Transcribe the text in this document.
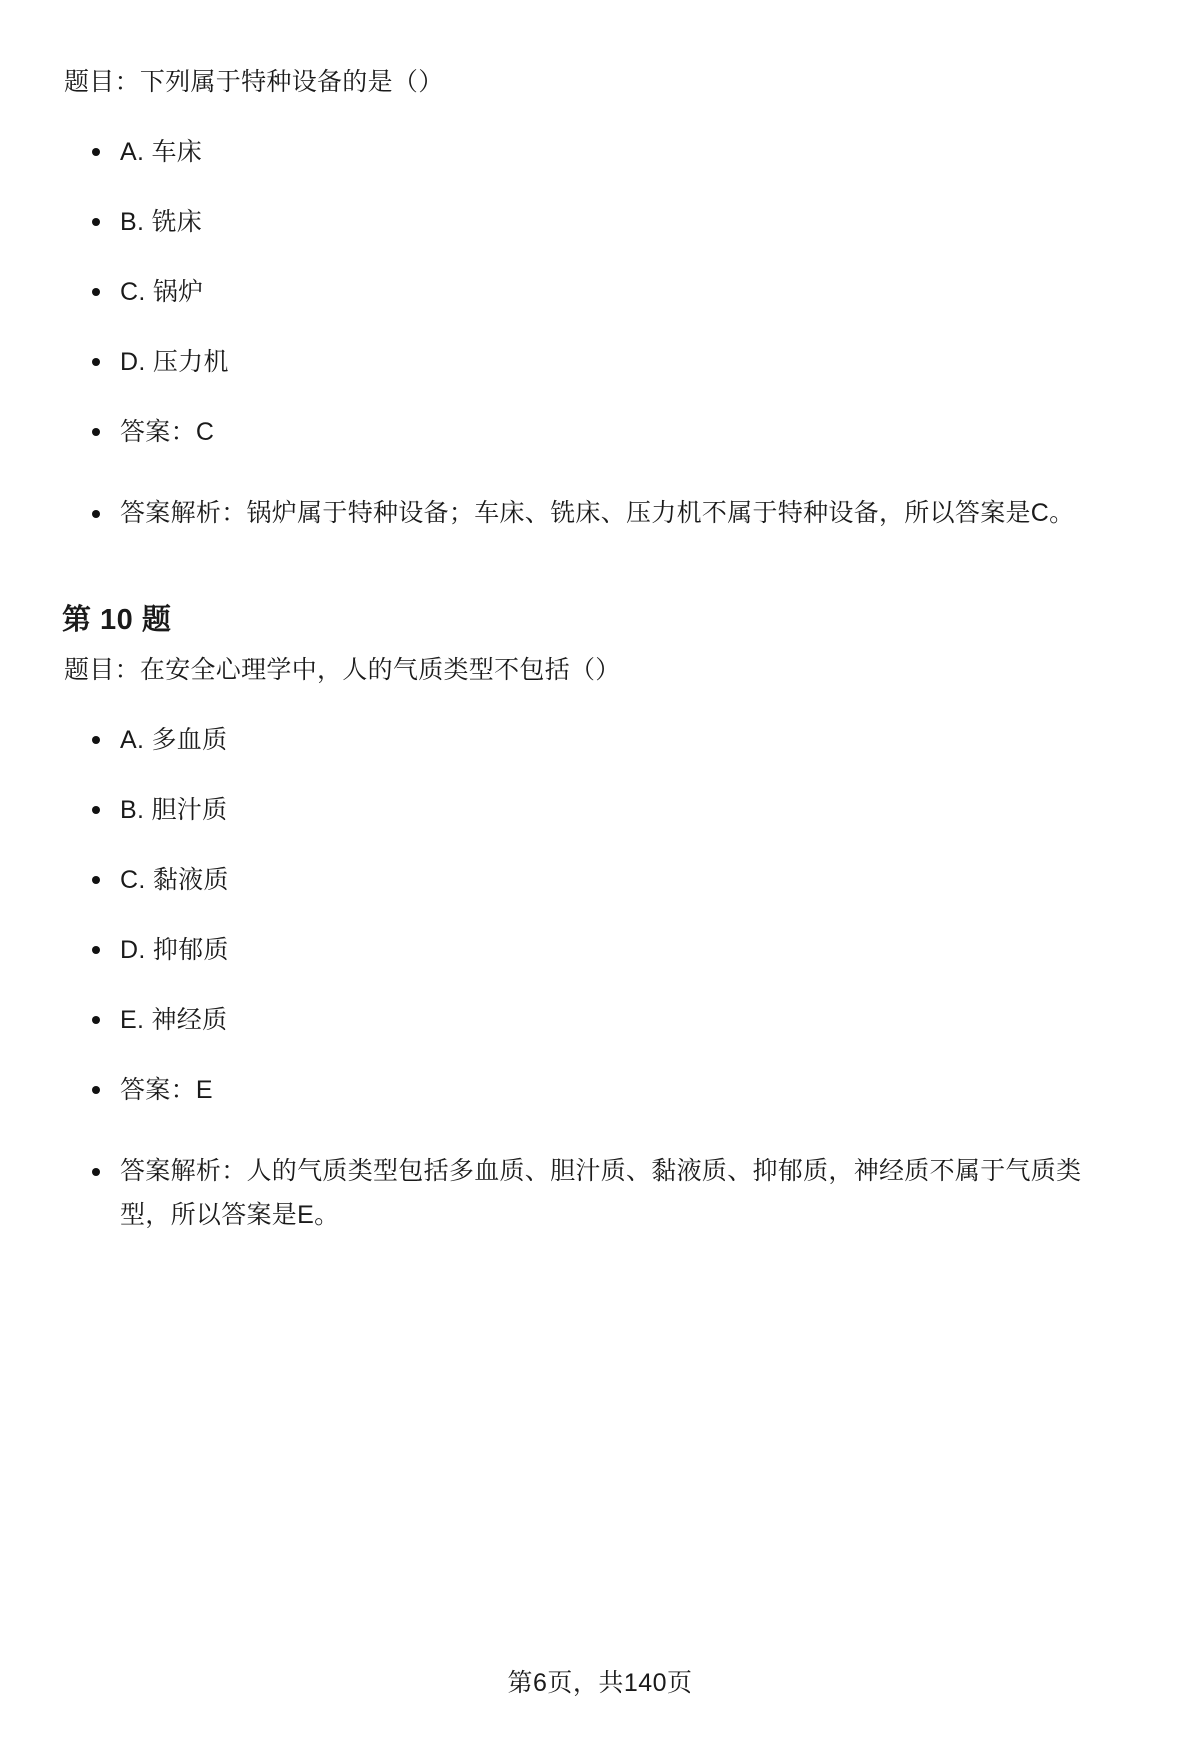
题目：下列属于特种设备的是（）

A. 车床
B. 铣床
C. 锅炉
D. 压力机
答案：C
答案解析：锅炉属于特种设备；车床、铣床、压力机不属于特种设备，所以答案是C。
第 10 题

题目：在安全心理学中，人的气质类型不包括（）

A. 多血质
B. 胆汁质
C. 黏液质
D. 抑郁质
E. 神经质
答案：E
答案解析：人的气质类型包括多血质、胆汁质、黏液质、抑郁质，神经质不属于气质类型，所以答案是E。
第6页，共140页
